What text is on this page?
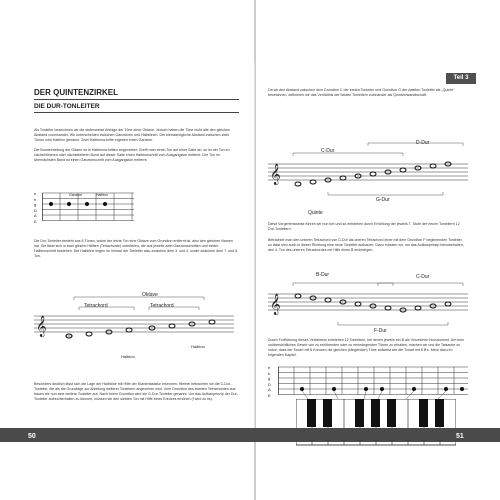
DER QUINTENZIRKEL
DIE DUR-TONLEITER
Als Tonleiter bezeichnen wir die stufenweise Abfolge der Töne einer Oktave. Jedoch haben die Töne nicht alle den gleichen Abstand voneinander. Wir unterscheiden zwischen Ganztönen und Halbtönen. Der kleinstmögliche Abstand zwischen zwei Tönen wird Halbton genannt. Zwei Halbtonschritte ergeben einen Ganzton.
Die Bundeinteilung der Gitarre ist in Halbtonschritten angeordnet. Greift man einen Ton auf einer Saite ab, so ist der Ton im nächsthöheren oder nächsttieferen Bund auf dieser Saite einen Halbtonschritt vom Ausgangston entfernt. Der Ton im übernächsten Bund ist einen Ganztonschritt vom Ausgangston entfernt.
e
h
g
D
A
E
Ganzton	Halbton
Die Dur-Tonleiter besteht aus 8 Tönen, wobei der letzte Ton eine Oktave vom Grundton entfernt ist, also den gleichen Namen hat. Sie lässt sich in zwei gleiche Hälften (Tetrachorde) unterteilen, die aus jeweils zwei Ganztonschritten und einem Halbtonschritt bestehen. Die Halbtöne liegen im Verlauf der Tonleiter also zwischen dem 3. und 4. sowie zwischen dem 7. und 8. Ton.
Oktave
Tetrachord	Tetrachord
𝄞
Halbton
Halbton
Besonders deutlich lässt sich die Lage der Halbtöne mit Hilfe der Klaviertastatur erkennen. Hierbei betrachten wir die C-Dur-Tonleiter, die als die Grundlage zur Ableitung weiterer Tonleitern angesehen wird. Vom Grundton des zweiten Tetrachordes aus bauen wir nun eine weitere Tonleiter auf. Nach ihrem Grundton wird sie G-Dur-Tonleiter genannt. Um das Aufbauprinzip der Dur-Tonleiter aufrechterhalten zu können, müssen wir den siebten Ton mit Hilfe eines Kreuzes erhöhen (f wird zu fis).
Teil 3
Da wir den Abstand zwischen dem Grundton C der ersten Tonleiter und Grundton G der zweiten Tonleiter als „Quinte" bezeichnen, definieren wir das Verhältnis der beiden Tonleitern zueinander als Quintverwandtschaft.
D-Dur
C-Dur
𝄞
G-Dur
Quinte
Diese Vorgehensweise führen wir nun fort und so entstehen durch Erhöhung der jeweils 7. Stufe der neuen Tonleitern 12 Dur-Tonleitern.
Betrachtet man den unteren Tetrachord von C-Dur als oberen Tetrachord einer mit dem Grundton F beginnenden Tonleiter, so lässt sich auch in dieser Richtung eine neue Tonleiter aufbauen. Dazu müssen wir, um das Aufbauprinzip beizubehalten, den 4. Ton des unteren Tetrachordes mit Hilfe eines B erniedrigen.
B-Dur	C-Dur
𝄞
F-Dur
Durch Fortführung dieses Verfahrens entstehen 12 Tonleitern, bei denen jeweils ein B als Vorzeichen hinzukommt. Um kein unübersichtliches Gewirr von zu erhöhenden oder zu erniedrigenden Tönen zu erhalten, machen wir uns die Tatsache zu nutze, dass der Tonart mit 6 Kreuzen die gleichen (klingenden) Töne aufweist wie die Tonart mit 6 B's. Mehr dazu im folgenden Kapitel.
e
h
g
D
A
E
50	51
